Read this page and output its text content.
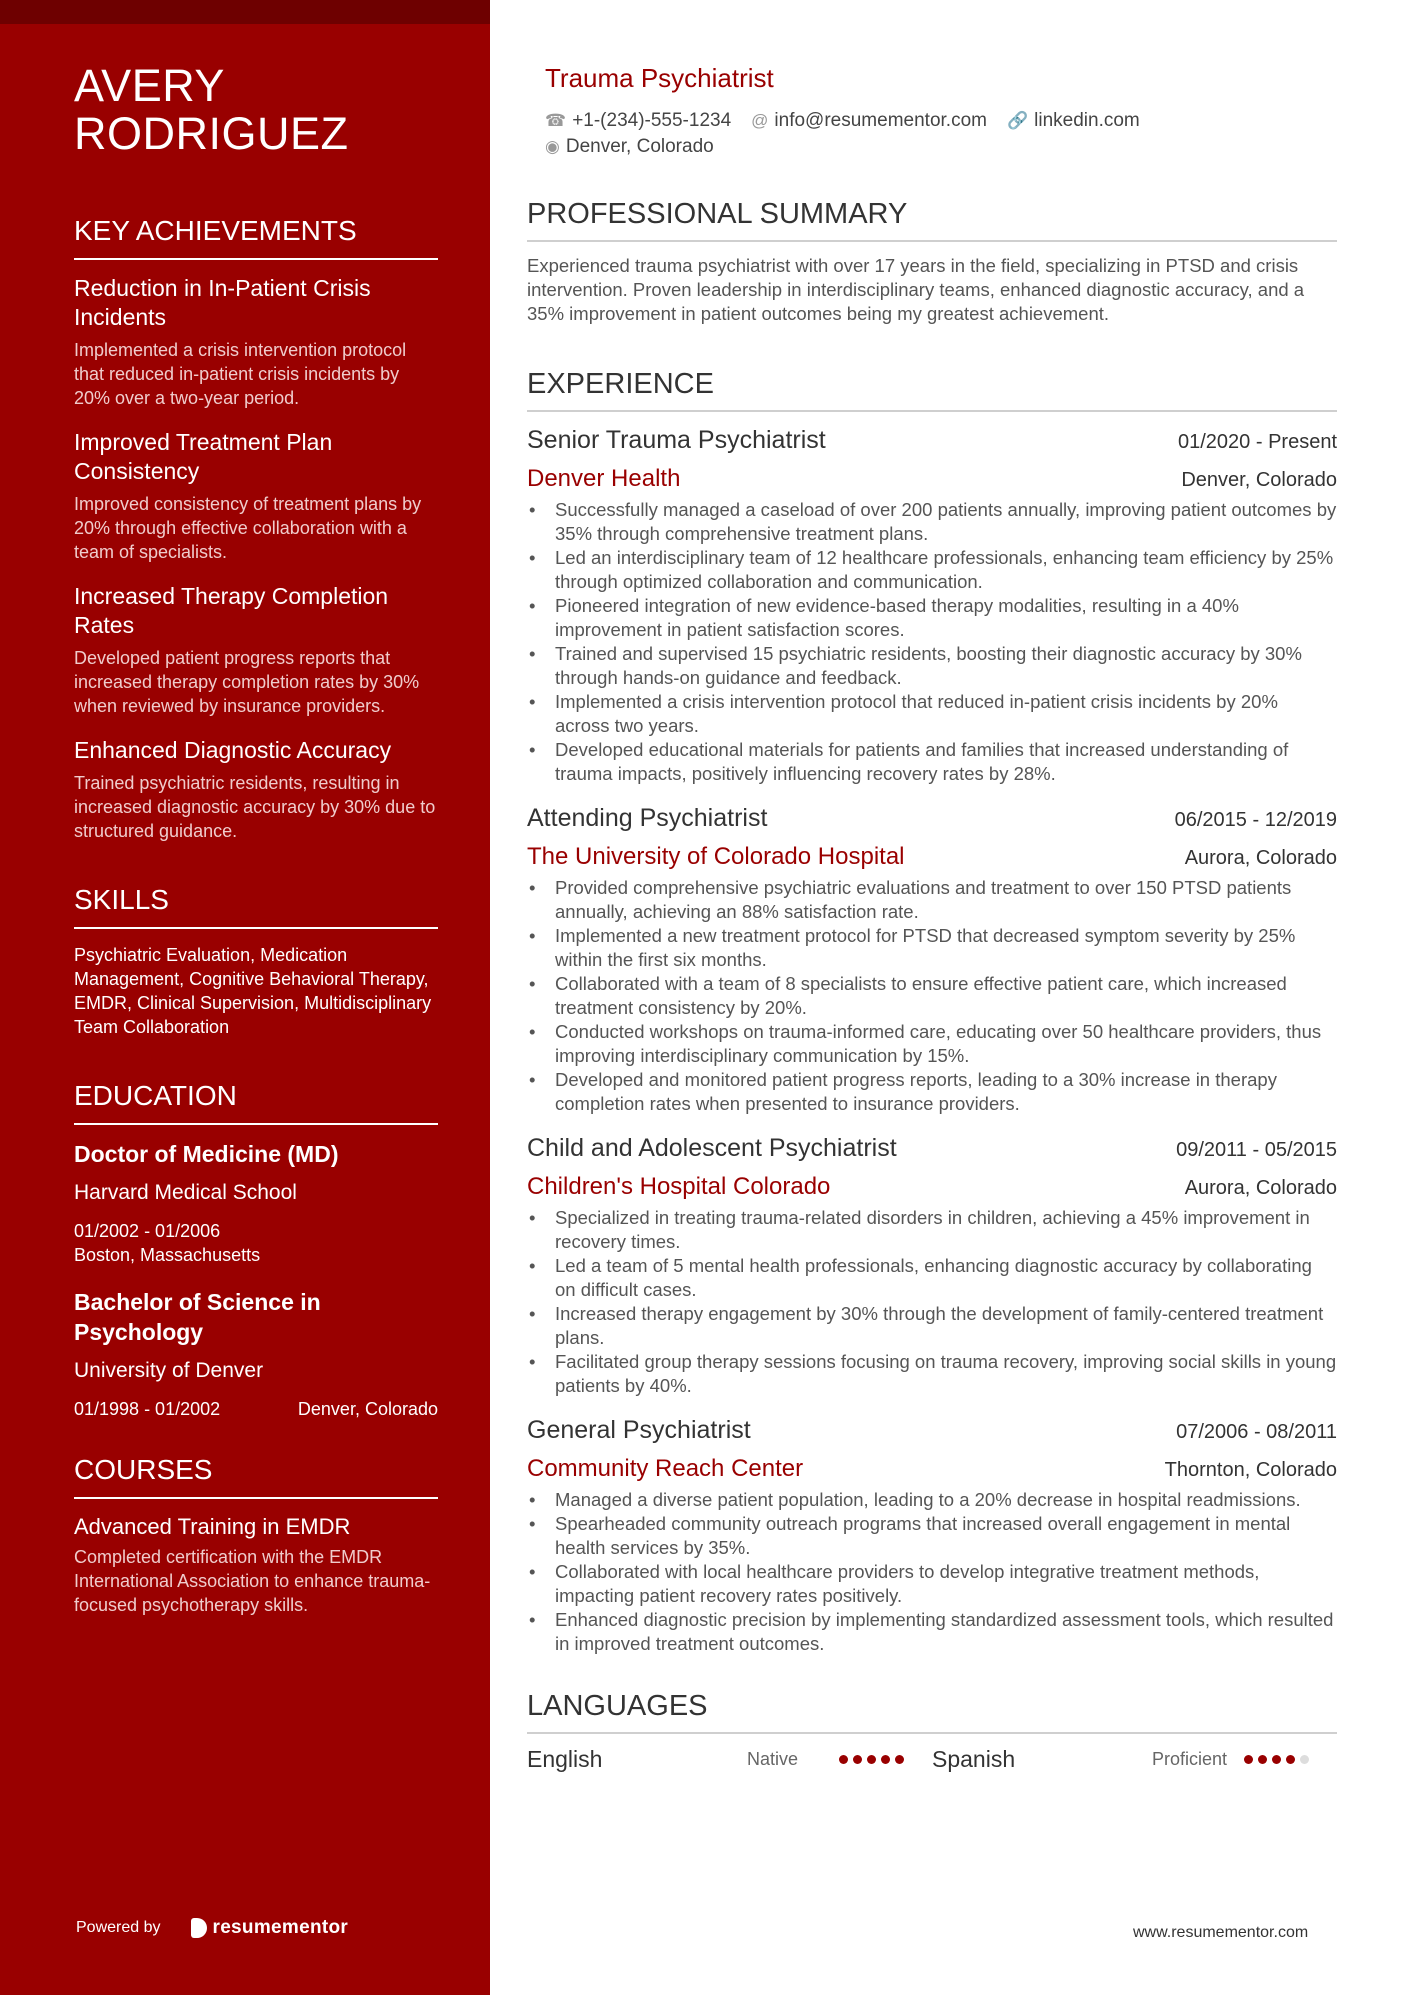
AVERY
RODRIGUEZ
KEY ACHIEVEMENTS
Reduction in In-Patient Crisis Incidents
Implemented a crisis intervention protocol that reduced in-patient crisis incidents by 20% over a two-year period.
Improved Treatment Plan Consistency
Improved consistency of treatment plans by 20% through effective collaboration with a team of specialists.
Increased Therapy Completion Rates
Developed patient progress reports that increased therapy completion rates by 30% when reviewed by insurance providers.
Enhanced Diagnostic Accuracy
Trained psychiatric residents, resulting in increased diagnostic accuracy by 30% due to structured guidance.
SKILLS
Psychiatric Evaluation, Medication Management, Cognitive Behavioral Therapy, EMDR, Clinical Supervision, Multidisciplinary Team Collaboration
EDUCATION
Doctor of Medicine (MD)
Harvard Medical School
01/2002 - 01/2006
Boston, Massachusetts
Bachelor of Science in Psychology
University of Denver
01/1998 - 01/2002	Denver, Colorado
COURSES
Advanced Training in EMDR
Completed certification with the EMDR International Association to enhance trauma-focused psychotherapy skills.
Powered by	resumementor
Trauma Psychiatrist
☎ +1-(234)-555-1234 @ info@resumementor.com 🔗 linkedin.com
◉ Denver, Colorado
PROFESSIONAL SUMMARY
Experienced trauma psychiatrist with over 17 years in the field, specializing in PTSD and crisis intervention. Proven leadership in interdisciplinary teams, enhanced diagnostic accuracy, and a 35% improvement in patient outcomes being my greatest achievement.
EXPERIENCE
Senior Trauma Psychiatrist	01/2020 - Present
Denver Health	Denver, Colorado
• Successfully managed a caseload of over 200 patients annually, improving patient outcomes by 35% through comprehensive treatment plans.
• Led an interdisciplinary team of 12 healthcare professionals, enhancing team efficiency by 25% through optimized collaboration and communication.
• Pioneered integration of new evidence-based therapy modalities, resulting in a 40% improvement in patient satisfaction scores.
• Trained and supervised 15 psychiatric residents, boosting their diagnostic accuracy by 30% through hands-on guidance and feedback.
• Implemented a crisis intervention protocol that reduced in-patient crisis incidents by 20% across two years.
• Developed educational materials for patients and families that increased understanding of trauma impacts, positively influencing recovery rates by 28%.
Attending Psychiatrist	06/2015 - 12/2019
The University of Colorado Hospital	Aurora, Colorado
• Provided comprehensive psychiatric evaluations and treatment to over 150 PTSD patients annually, achieving an 88% satisfaction rate.
• Implemented a new treatment protocol for PTSD that decreased symptom severity by 25% within the first six months.
• Collaborated with a team of 8 specialists to ensure effective patient care, which increased treatment consistency by 20%.
• Conducted workshops on trauma-informed care, educating over 50 healthcare providers, thus improving interdisciplinary communication by 15%.
• Developed and monitored patient progress reports, leading to a 30% increase in therapy completion rates when presented to insurance providers.
Child and Adolescent Psychiatrist	09/2011 - 05/2015
Children's Hospital Colorado	Aurora, Colorado
• Specialized in treating trauma-related disorders in children, achieving a 45% improvement in recovery times.
• Led a team of 5 mental health professionals, enhancing diagnostic accuracy by collaborating on difficult cases.
• Increased therapy engagement by 30% through the development of family-centered treatment plans.
• Facilitated group therapy sessions focusing on trauma recovery, improving social skills in young patients by 40%.
General Psychiatrist	07/2006 - 08/2011
Community Reach Center	Thornton, Colorado
• Managed a diverse patient population, leading to a 20% decrease in hospital readmissions.
• Spearheaded community outreach programs that increased overall engagement in mental health services by 35%.
• Collaborated with local healthcare providers to develop integrative treatment methods, impacting patient recovery rates positively.
• Enhanced diagnostic precision by implementing standardized assessment tools, which resulted in improved treatment outcomes.
LANGUAGES
English	Native	Spanish	Proficient
www.resumementor.com
